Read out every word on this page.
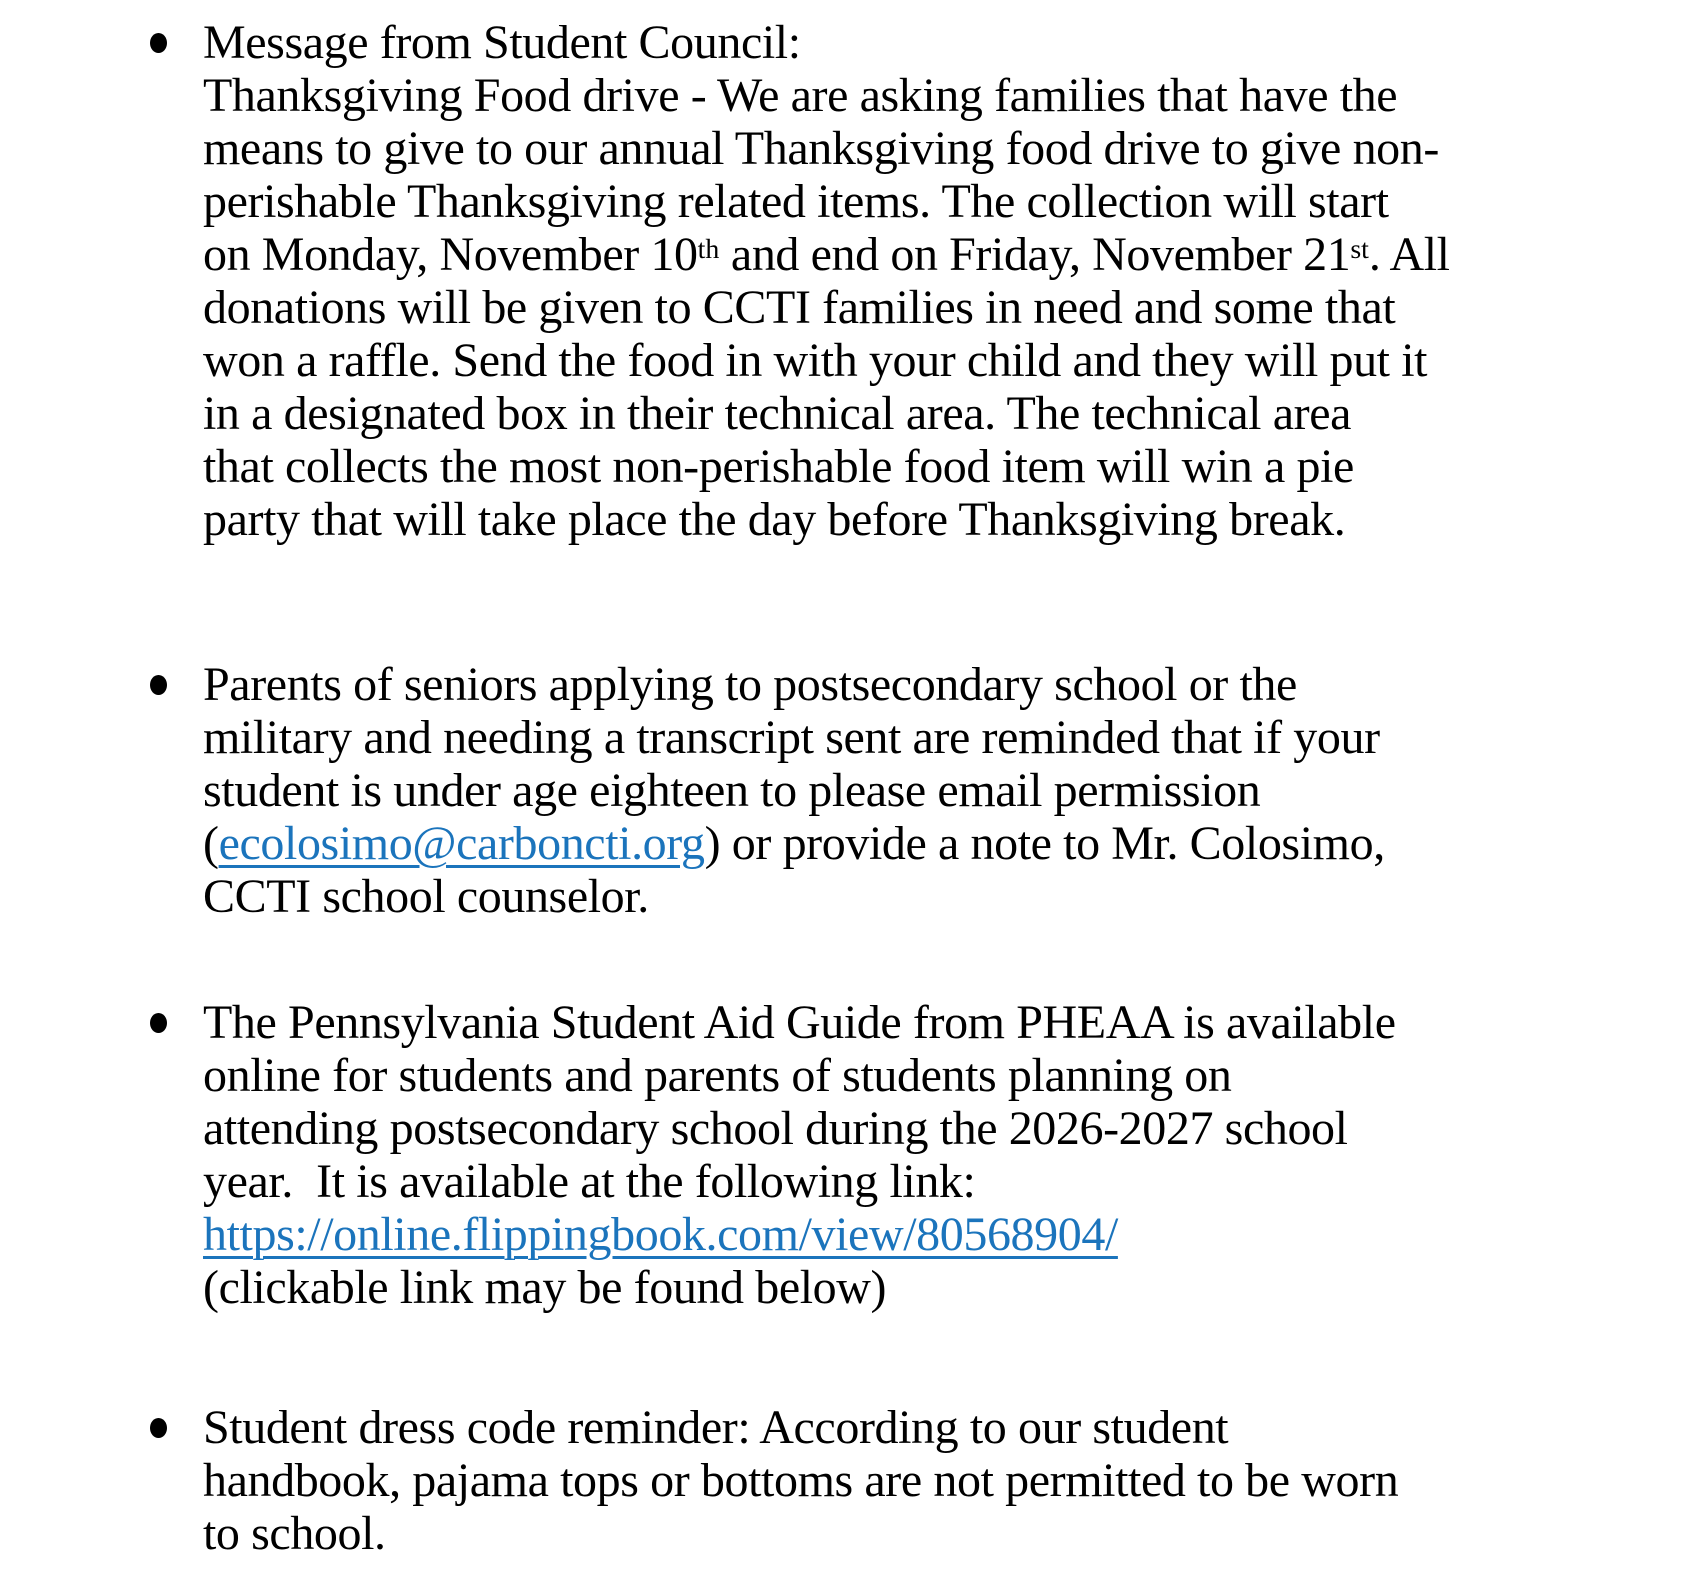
Message from Student Council:
Thanksgiving Food drive - We are asking families that have the
means to give to our annual Thanksgiving food drive to give non-
perishable Thanksgiving related items. The collection will start
on Monday, November 10th and end on Friday, November 21st. All
donations will be given to CCTI families in need and some that
won a raffle. Send the food in with your child and they will put it
in a designated box in their technical area. The technical area
that collects the most non-perishable food item will win a pie
party that will take place the day before Thanksgiving break.
Parents of seniors applying to postsecondary school or the
military and needing a transcript sent are reminded that if your
student is under age eighteen to please email permission
(ecolosimo@carboncti.org) or provide a note to Mr. Colosimo,
CCTI school counselor.
The Pennsylvania Student Aid Guide from PHEAA is available
online for students and parents of students planning on
attending postsecondary school during the 2026-2027 school
year.  It is available at the following link:
https://online.flippingbook.com/view/80568904/
(clickable link may be found below)
Student dress code reminder: According to our student
handbook, pajama tops or bottoms are not permitted to be worn
to school.
